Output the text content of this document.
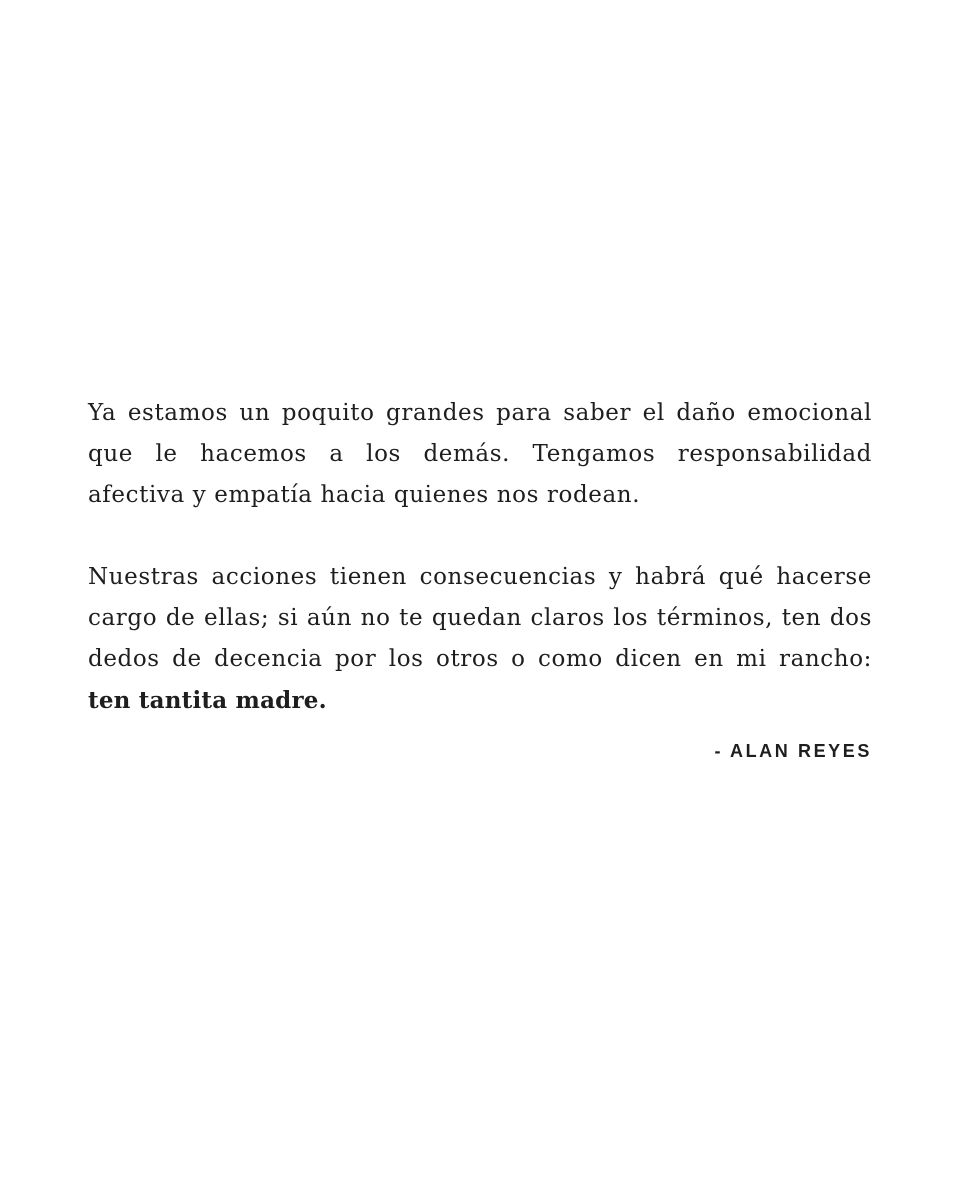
Ya estamos un poquito grandes para saber el daño emocional que le hacemos a los demás. Tengamos responsabilidad afectiva y empatía hacia quienes nos rodean.

Nuestras acciones tienen consecuencias y habrá qué hacerse cargo de ellas; si aún no te quedan claros los términos, ten dos dedos de decencia por los otros o como dicen en mi rancho: ten tantita madre.

- ALAN REYES
